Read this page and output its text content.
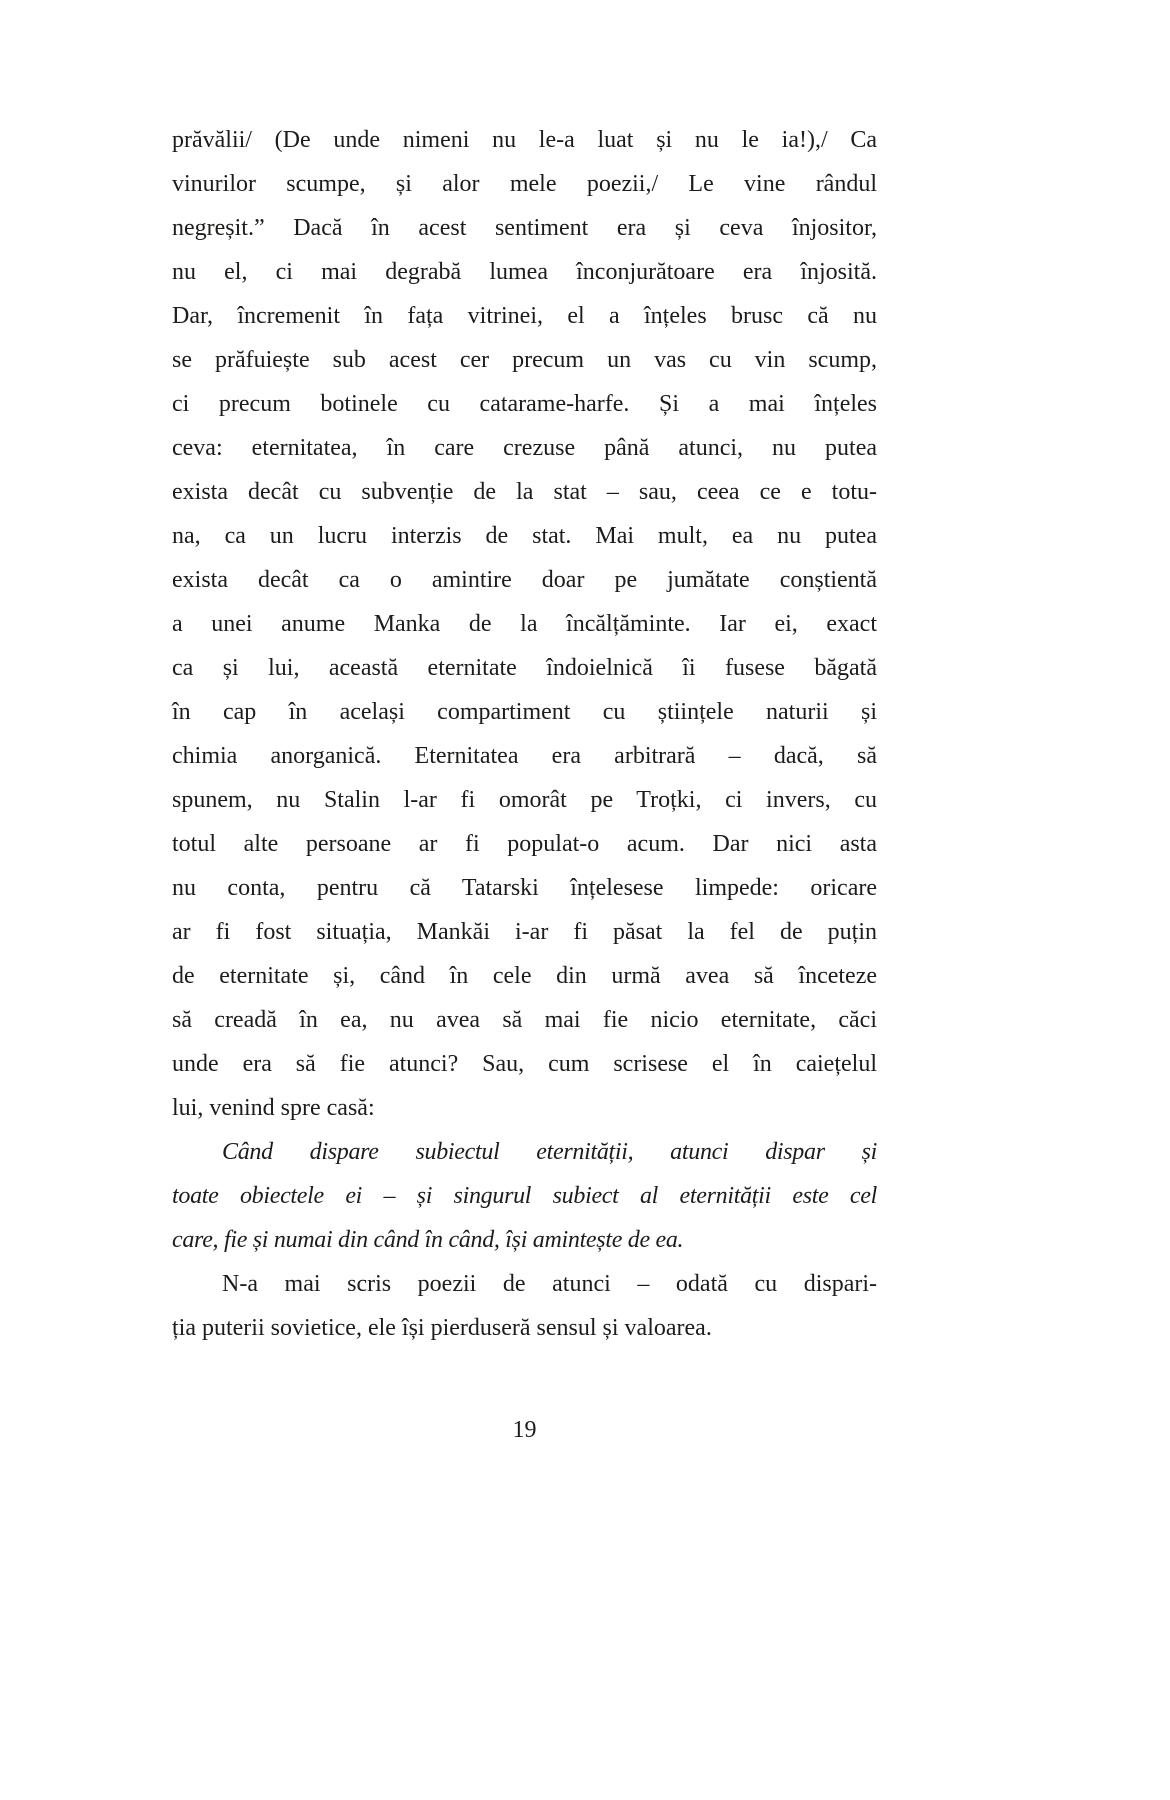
prăvălii/ (De unde nimeni nu le-a luat și nu le ia!),/ Ca
vinurilor scumpe, și alor mele poezii,/ Le vine rândul
negreșit.” Dacă în acest sentiment era și ceva înjositor,
nu el, ci mai degrabă lumea înconjurătoare era înjosită.
Dar, încremenit în fața vitrinei, el a înțeles brusc că nu
se prăfuiește sub acest cer precum un vas cu vin scump,
ci precum botinele cu catarame-harfe. Și a mai înțeles
ceva: eternitatea, în care crezuse până atunci, nu putea
exista decât cu subvenție de la stat – sau, ceea ce e totu-
na, ca un lucru interzis de stat. Mai mult, ea nu putea
exista decât ca o amintire doar pe jumătate conștientă
a unei anume Manka de la încălțăminte. Iar ei, exact
ca și lui, această eternitate îndoielnică îi fusese băgată
în cap în același compartiment cu științele naturii și
chimia anorganică. Eternitatea era arbitrară – dacă, să
spunem, nu Stalin l-ar fi omorât pe Troțki, ci invers, cu
totul alte persoane ar fi populat-o acum. Dar nici asta
nu conta, pentru că Tatarski înțelesese limpede: oricare
ar fi fost situația, Mankăi i-ar fi păsat la fel de puțin
de eternitate și, când în cele din urmă avea să înceteze
să creadă în ea, nu avea să mai fie nicio eternitate, căci
unde era să fie atunci? Sau, cum scrisese el în caiețelul
lui, venind spre casă:
Când dispare subiectul eternității, atunci dispar și
toate obiectele ei – și singurul subiect al eternității este cel
care, fie și numai din când în când, își amintește de ea.
N-a mai scris poezii de atunci – odată cu dispari-
ția puterii sovietice, ele își pierduseră sensul și valoarea.
19
